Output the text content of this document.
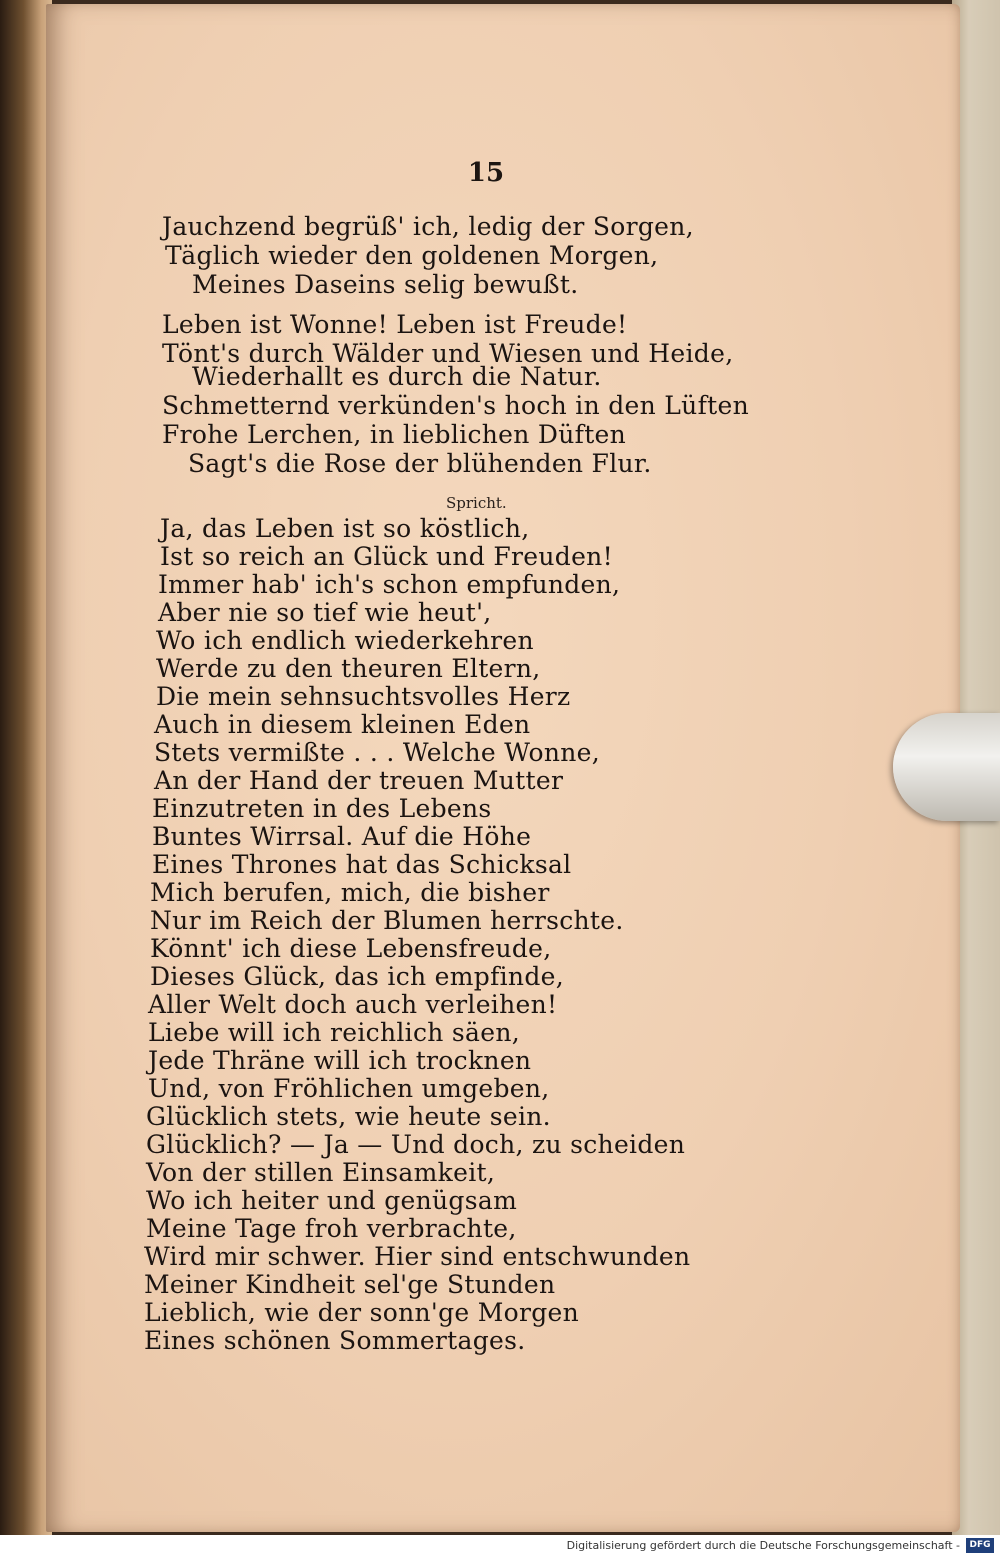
15
Jauchzend begrüß' ich, ledig der Sorgen,
Täglich wieder den goldenen Morgen,
Meines Daseins selig bewußt.
Leben ist Wonne! Leben ist Freude!
Tönt's durch Wälder und Wiesen und Heide,
Wiederhallt es durch die Natur.
Schmetternd verkünden's hoch in den Lüften
Frohe Lerchen, in lieblichen Düften
Sagt's die Rose der blühenden Flur.
Spricht.
Ja, das Leben ist so köstlich,
Ist so reich an Glück und Freuden!
Immer hab' ich's schon empfunden,
Aber nie so tief wie heut',
Wo ich endlich wiederkehren
Werde zu den theuren Eltern,
Die mein sehnsuchtsvolles Herz
Auch in diesem kleinen Eden
Stets vermißte . . . Welche Wonne,
An der Hand der treuen Mutter
Einzutreten in des Lebens
Buntes Wirrsal. Auf die Höhe
Eines Thrones hat das Schicksal
Mich berufen, mich, die bisher
Nur im Reich der Blumen herrschte.
Könnt' ich diese Lebensfreude,
Dieses Glück, das ich empfinde,
Aller Welt doch auch verleihen!
Liebe will ich reichlich säen,
Jede Thräne will ich trocknen
Und, von Fröhlichen umgeben,
Glücklich stets, wie heute sein.
Glücklich? — Ja — Und doch, zu scheiden
Von der stillen Einsamkeit,
Wo ich heiter und genügsam
Meine Tage froh verbrachte,
Wird mir schwer. Hier sind entschwunden
Meiner Kindheit sel'ge Stunden
Lieblich, wie der sonn'ge Morgen
Eines schönen Sommertages.
Digitalisierung gefördert durch die Deutsche Forschungsgemeinschaft -	DFG
